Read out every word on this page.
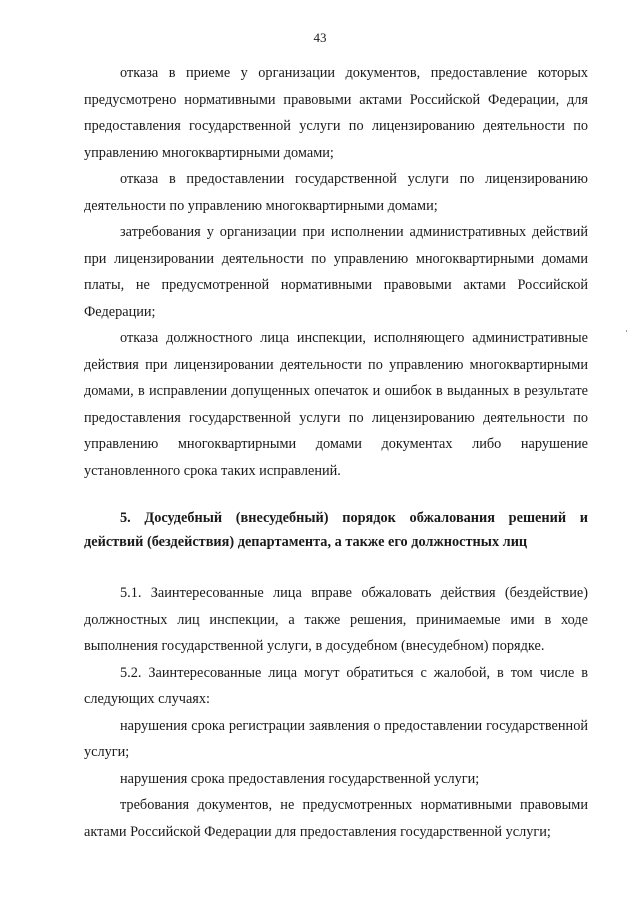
43

отказа в приеме у организации документов, предоставление которых предусмотрено нормативными правовыми актами Российской Федерации, для предоставления государственной услуги по лицензированию деятельности по управлению многоквартирными домами;

отказа в предоставлении государственной услуги по лицензированию деятельности по управлению многоквартирными домами;

затребования у организации при исполнении административных действий при лицензировании деятельности по управлению многоквартирными домами платы, не предусмотренной нормативными правовыми актами Российской Федерации;

отказа должностного лица инспекции, исполняющего административные действия при лицензировании деятельности по управлению многоквартирными домами, в исправлении допущенных опечаток и ошибок в выданных в результате предоставления государственной услуги по лицензированию деятельности по управлению многоквартирными домами документах либо нарушение установленного срока таких исправлений.

5. Досудебный (внесудебный) порядок обжалования решений и действий (бездействия) департамента, а также его должностных лиц

5.1. Заинтересованные лица вправе обжаловать действия (бездействие) должностных лиц инспекции, а также решения, принимаемые ими в ходе выполнения государственной услуги, в досудебном (внесудебном) порядке.

5.2. Заинтересованные лица могут обратиться с жалобой, в том числе в следующих случаях:

нарушения срока регистрации заявления о предоставлении государственной услуги;

нарушения срока предоставления государственной услуги;

требования документов, не предусмотренных нормативными правовыми актами Российской Федерации для предоставления государственной услуги;
